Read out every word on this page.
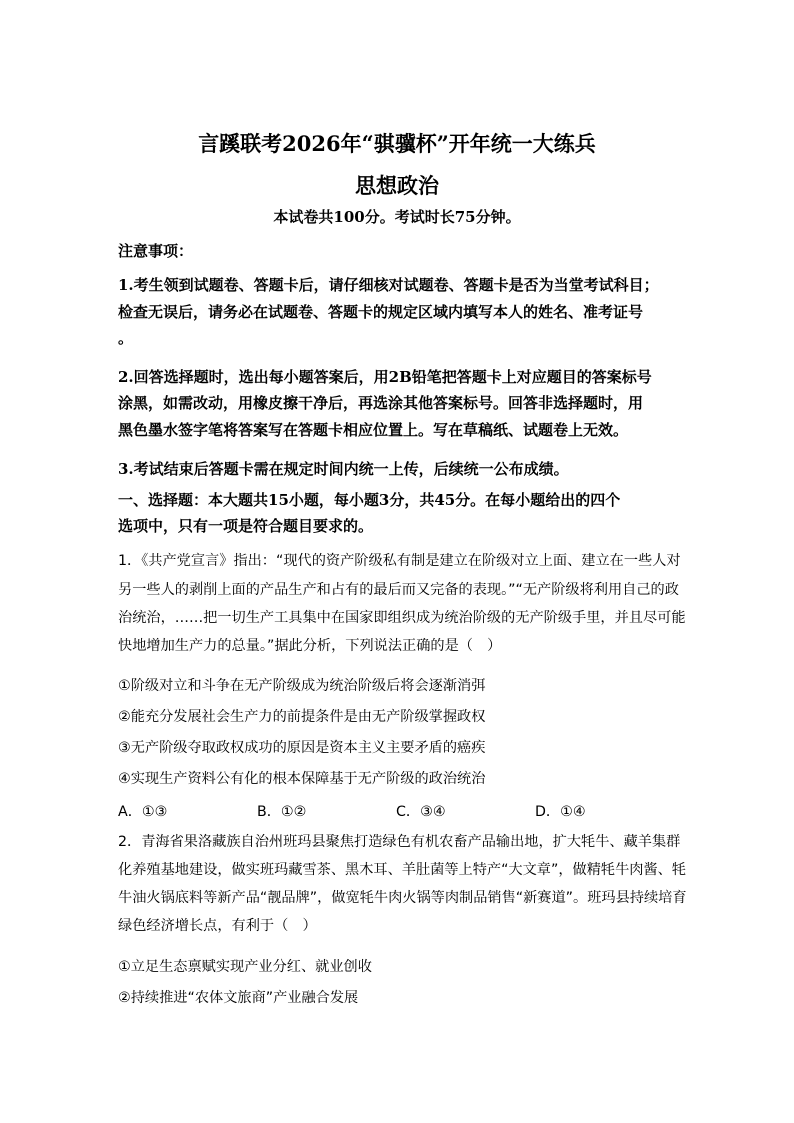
言蹊联考2026年“骐骥杯”开年统一大练兵
思想政治
本试卷共100分。考试时长75分钟。
注意事项：
1.考生领到试题卷、答题卡后，请仔细核对试题卷、答题卡是否为当堂考试科目；
检查无误后，请务必在试题卷、答题卡的规定区域内填写本人的姓名、准考证号
。
2.回答选择题时，选出每小题答案后，用2B铅笔把答题卡上对应题目的答案标号
涂黑，如需改动，用橡皮擦干净后，再选涂其他答案标号。回答非选择题时，用
黑色墨水签字笔将答案写在答题卡相应位置上。写在草稿纸、试题卷上无效。
3.考试结束后答题卡需在规定时间内统一上传，后续统一公布成绩。
一、选择题：本大题共15小题，每小题3分，共45分。在每小题给出的四个
选项中，只有一项是符合题目要求的。
1．《共产党宣言》指出：“现代的资产阶级私有制是建立在阶级对立上面、建立在一些人对
另一些人的剥削上面的产品生产和占有的最后而又完备的表现。”“无产阶级将利用自己的政
治统治，……把一切生产工具集中在国家即组织成为统治阶级的无产阶级手里，并且尽可能
快地增加生产力的总量。”据此分析，下列说法正确的是（　）
①阶级对立和斗争在无产阶级成为统治阶级后将会逐渐消弭
②能充分发展社会生产力的前提条件是由无产阶级掌握政权
③无产阶级夺取政权成功的原因是资本主义主要矛盾的癌疾
④实现生产资料公有化的根本保障基于无产阶级的政治统治
A．①③	B．①②	C．③④	D．①④
2．青海省果洛藏族自治州班玛县聚焦打造绿色有机农畜产品输出地，扩大牦牛、藏羊集群
化养殖基地建设，做实班玛藏雪茶、黑木耳、羊肚菌等上特产“大文章”，做精牦牛肉酱、牦
牛油火锅底料等新产品“靓品牌”，做宽牦牛肉火锅等肉制品销售“新赛道”。班玛县持续培育
绿色经济增长点，有利于（　）
①立足生态禀赋实现产业分红、就业创收
②持续推进“农体文旅商”产业融合发展
